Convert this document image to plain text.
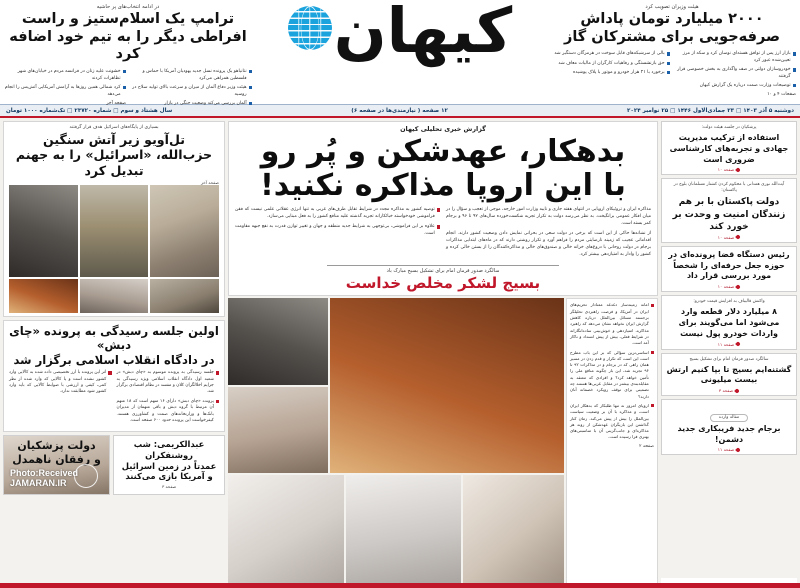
هیئت وزیران تصویب کرد
۲۰۰۰ میلیارد تومان پاداش صرفه‌جویی برای مشترکان گاز
بازار ارز پس از توافق هسته‌ای نوسان کرد و سکه از مرز تعیین‌شده عبور کرد
خودروسازان دولتی در صف واگذاری به بخش خصوصی قرار گرفتند
توضیحات وزارت صمت درباره یک گزارش کیهان
صفحات ۴ و ۱۰
بالی از سرشبکه‌های قابل سوخت در هرمزگان دستگیر شد
حق بازنشستگی و رفاهیات کارگران از مالیات معاف شد
برخورد با ۲۱ هزار خودرو و موتور با پلاک پوشیده
کیهان
در ادامه انتخاب‌های پر حاشیه
ترامپ یک اسلام‌ستیز و راست افراطی دیگر را به تیم خود اضافه کرد
نتانیاهو یک پرونده نسل جدید یهودیان آمریکا با حماس و فلسطین همراهی می‌کرد
هیئت وزیر دفاع آلمان از میزان و سرعت بالای تولید سلاح در روسیه
آلمان بررسی می‌کند وضعیت جنگی در بازار
خشونت علیه زنان در فرانسه مردم در خیابان‌های شهر تظاهرات کردند
کرد شمالی همین روزها به آرامش آمریکایی آتش‌بس را انجام می‌دهد
صفحه آخر
دوشنبه ۵ آذر ۱۴۰۳ □ ۲۳ جمادی‌الاول ۱۴۴۶ □ ۲۵ نوامبر ۲۰۲۴
۱۲ صفحه ( نیازمندی‌ها در صفحه ۶)
سال هشتاد و سوم □ شماره ۲۳۷۲۰ □ تک‌شماره ۱۰۰۰ تومان
پزشکیان در جلسه هیئت دولت:
استفاده از ترکیب مدیریت جهادی و تجربه‌های کارشناسی ضروری است
صفحه ۱۰
آیت‌الله نوری همدانی با محکوم کردن کشتار مسلمانان بلوچ در پاکستان:
دولت پاکستان با بر هم زنندگان امنیت و وحدت بر خورد کند
صفحه ۱۰
رئیس دستگاه قضا پرونده‌ای در حوزه جعل حرفه‌ای را شخصاً مورد بررسی قرار داد
صفحه ۱۰
واکنش قالیباف به افزایش قیمت خودرو:
۸ میلیارد دلار قطعه وارد می‌شود اما می‌گویند برای واردات خودرو پول نیست
صفحه ۱۱
سالگرد صدور فرمان امام برای تشکیل بسیج
گشتنه‌ایم بسیج تا بپا کنیم ارتش بیست میلیونی
صفحه ۳
مقاله وارده
برجام جدید فریبکاری جدید دشمن!
صفحه ۱۱
گزارش خبری تحلیلی کیهان
بدهکار، عهدشکن و پُر رو
با این اروپا مذاکره نکنید!

مذاکره ایران و تروئیکای اروپایی در انتهای هفته جاری و نایبه وزارت امور خارجه، موجی از تعجب و سؤال را در میان افکار عمومی برانگیخت. به نظر می‌رسد دولت به تکرار تجربه شکست‌خورده سال‌های ۹۲ تا ۹۶ و برجام کمر بسته است.

از نشانه‌ها حاکی از این است که برخی در دولت سعی در بحرانی نمایش دادن وضعیت کشور دارند. انجام اقداماتی عجیب که زمینه نارضایتی مردم را فراهم آورد و تکرار روشنی دارند که در ماه‌های ابتدایی مذاکرات برجام در دولت روحانی با دروغ‌های خزانه خالی و صندوق‌های خالی و مذاکره‌کنندگان را از بستن خالی کرده و کشور را وادار به امتیازدهی بیشتر کرد.

توصیه کشور به مذاکره مجدد در شرایط تقابل طرف‌های غربی به تنها انرژی عقلانی علمی نیست که فقن فراموشی خودخواسته خبائکارانه تجربه گذشته علیه منافع کشور را به فعل مبنایی می‌سازد.

علاوه بر این فراموشی، بی‌توجهی به شرایط جدید منطقه و جهان و تغییر توازن قدرت به نفع جبهه مقاومت است.

سالگرد صدور فرمان امام برای تشکیل بسیج مبارک باد
بسیج لشکر مخلص خداست

امانه زمینه‌ساز دغدغه معنادار تحریم‌های ایران در آمریکا، و فرصت راهبردی تحلیلگر برجسته مسائل بین‌الملل درباره کاهش گزارش ایران نخواهد نشان می‌دهد که راهبرد مذاکره، امتیازدهی و خوش‌بینی ساده‌انگارانه در شرایط فعلی، بیش از پیش انسداد و ناکار آمد است.

اساسی‌ترین سؤالی که بر این باب مطرح است این است که تکرار و قدم زدن در مسیر همان راهی که در برجام و در مذاکرات ۹۲ تا ۹۶ تجربه شد، این بار چگونه منافع ملی را تأمین خواهد کرد؟ و افرادی که معتقد به مقابله‌بندی بیشتر در مقابل غربی‌ها هستند چه تضمینی برای توقف رویکرد خصمانه آنان دارند؟

اروپای امروز نه تنها طلبکار که بدهکار ایران است، و مذاکره با آن بر وضعیت سیاست بین‌الملل را بیش از پیش می‌کند. زمان کنار گذاشتن این بازیگران عهدشکن از روند هر مذاکره‌ای و جانب‌گزینی آن با مناسبتی‌های بهتری فرا رسیده است.

صفحه ۲
بسیاری از پایگاه‌های اسرائیل هدف قرار گرفتند
تل‌آویو زیر آتش سنگین
حزب‌الله، «اسرائیل» را به جهنم تبدیل کرد
صفحه آخر
اولین جلسه رسیدگی به پرونده «چای دبش»
در دادگاه انقلاب اسلامی برگزار شد

جلسه رسیدگی به پرونده موسوم به «چای دبش» در شعبه اول دادگاه انقلاب اسلامی ویژه رسیدگی به جرایم اخلالگران کلان و مفسد در نظام اقتصادی برگزار شد.

پرونده «چای دبش» دارای ۱۶ متهم است که ۱۸ متهم آن مرتبط با گروه دبش و باقی متهمان از مدیران بانک‌ها و وزارتخانه‌های صمت و کشاورزی هستند. کیفرخواست این پرونده حدود ۶۰۰ صفحه است.

اثر این پرونده با ارز تخصیصی داده شده به کالایی وارد کشور نشده است و یا کالایی که وارد شده از نظر کمی، کیفی و ارزشی با ضوابط کالایی که باید وارد کشور شود مطابقت ندارد.

عبدالکریمی: شب روشنفکران
عمدتاً در زمین اسرائیل و آمریکا بازی می‌کنند
صفحه ۳
دولت پزشکیان
و رفقان ناهمدل
Photo:Received
JAMARAN.IR
